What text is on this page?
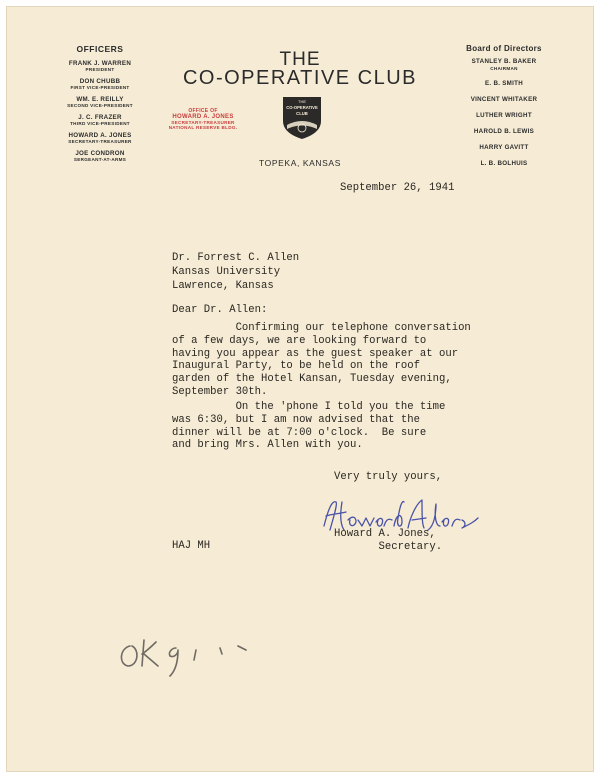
OFFICERS
FRANK J. WARREN
PRESIDENT
DON CHUBB
FIRST VICE-PRESIDENT
WM. E. REILLY
SECOND VICE-PRESIDENT
J. C. FRAZER
THIRD VICE-PRESIDENT
HOWARD A. JONES
SECRETARY-TREASURER
JOE CONDRON
SERGEANT-AT-ARMS
Board of Directors
STANLEY B. BAKER
CHAIRMAN
E. B. SMITH
VINCENT WHITAKER
LUTHER WRIGHT
HAROLD B. LEWIS
HARRY GAVITT
L. B. BOLHUIS
THE
CO-OPERATIVE CLUB
OFFICE OF
HOWARD A. JONES
SECRETARY-TREASURER
NATIONAL RESERVE BLDG.
THE
CO-OPERATIVE
CLUB
TOPEKA, KANSAS
September 26, 1941
Dr. Forrest C. Allen
Kansas University
Lawrence, Kansas
Dear Dr. Allen:
Confirming our telephone conversation
of a few days, we are looking forward to
having you appear as the guest speaker at our
Inaugural Party, to be held on the roof
garden of the Hotel Kansan, Tuesday evening,
September 30th.
On the 'phone I told you the time
was 6:30, but I am now advised that the
dinner will be at 7:00 o'clock.  Be sure
and bring Mrs. Allen with you.
Very truly yours,
Howard A. Jones,
Secretary.
HAJ MH
